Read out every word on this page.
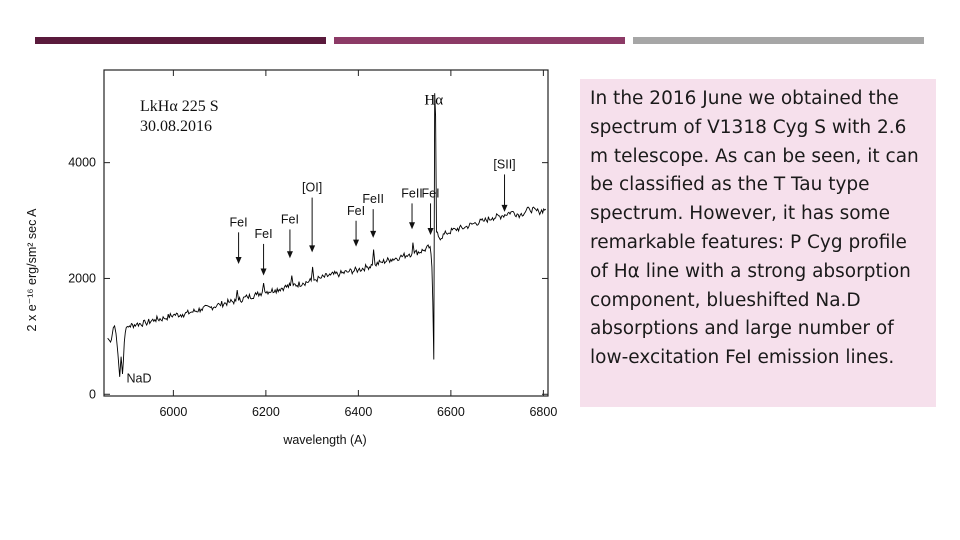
6000	6200	6400	6600	6800
0
2000
4000
Hα
[SII]
[OI]
FeII FeII
FeI
FeI
FeI
FeI
FeI
NaD
LkHα 225 S
30.08.2016
wavelength (A)
2 x e⁻¹⁶ erg/sm² sec A
In the 2016 June we obtained the spectrum of V1318 Cyg S with 2.6 m telescope. As can be seen, it can be classified as the T Tau type spectrum. However, it has some remarkable features: P Cyg profile of Hα line with a strong absorption component, blueshifted Na.D absorptions and large number of low-excitation FeI emission lines.
